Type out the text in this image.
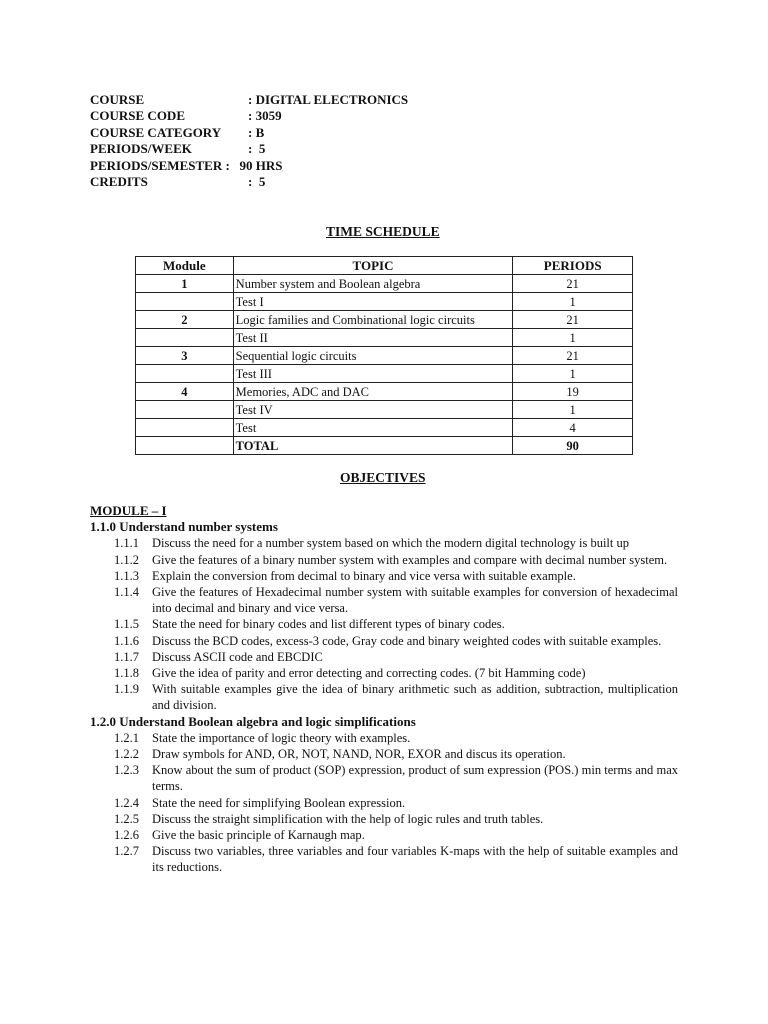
COURSE	: DIGITAL ELECTRONICS
COURSE CODE	: 3059
COURSE CATEGORY	: B
PERIODS/WEEK	:  5
PERIODS/SEMESTER :   90 HRS
CREDITS	:  5
TIME SCHEDULE
Module	TOPIC	PERIODS
1	Number system and Boolean algebra	21
	Test I	1
2	Logic families and Combinational logic circuits	21
	Test II	1
3	Sequential logic circuits	21
	Test III	1
4	Memories, ADC and DAC	19
	Test IV	1
	Test	4
	TOTAL	90
OBJECTIVES
MODULE – I
1.1.0 Understand number systems
1.1.1	Discuss the need for a number system based on which the modern digital technology is built up
1.1.2	Give the features of a binary number system with examples and compare with decimal number system.
1.1.3	Explain the conversion from decimal to binary and vice versa with suitable example.
1.1.4	Give the features of Hexadecimal number system with suitable examples for conversion of hexadecimal into decimal and binary and vice versa.
1.1.5	State the need for binary codes and list different types of binary codes.
1.1.6	Discuss the BCD codes, excess-3 code, Gray code and binary weighted codes with suitable examples.
1.1.7	Discuss ASCII code and EBCDIC
1.1.8	Give the idea of parity and error detecting and correcting codes. (7 bit Hamming code)
1.1.9	With suitable examples give the idea of binary arithmetic such as addition, subtraction, multiplication and division.
1.2.0 Understand Boolean algebra and logic simplifications
1.2.1	State the importance of logic theory with examples.
1.2.2	Draw symbols for AND, OR, NOT, NAND, NOR, EXOR and discus its operation.
1.2.3	Know about the sum of product (SOP) expression, product of sum expression (POS.) min terms and max terms.
1.2.4	State the need for simplifying Boolean expression.
1.2.5	Discuss the straight simplification with the help of logic rules and truth tables.
1.2.6	Give the basic principle of Karnaugh map.
1.2.7	Discuss two variables, three variables and four variables K-maps with the help of suitable examples and its reductions.
